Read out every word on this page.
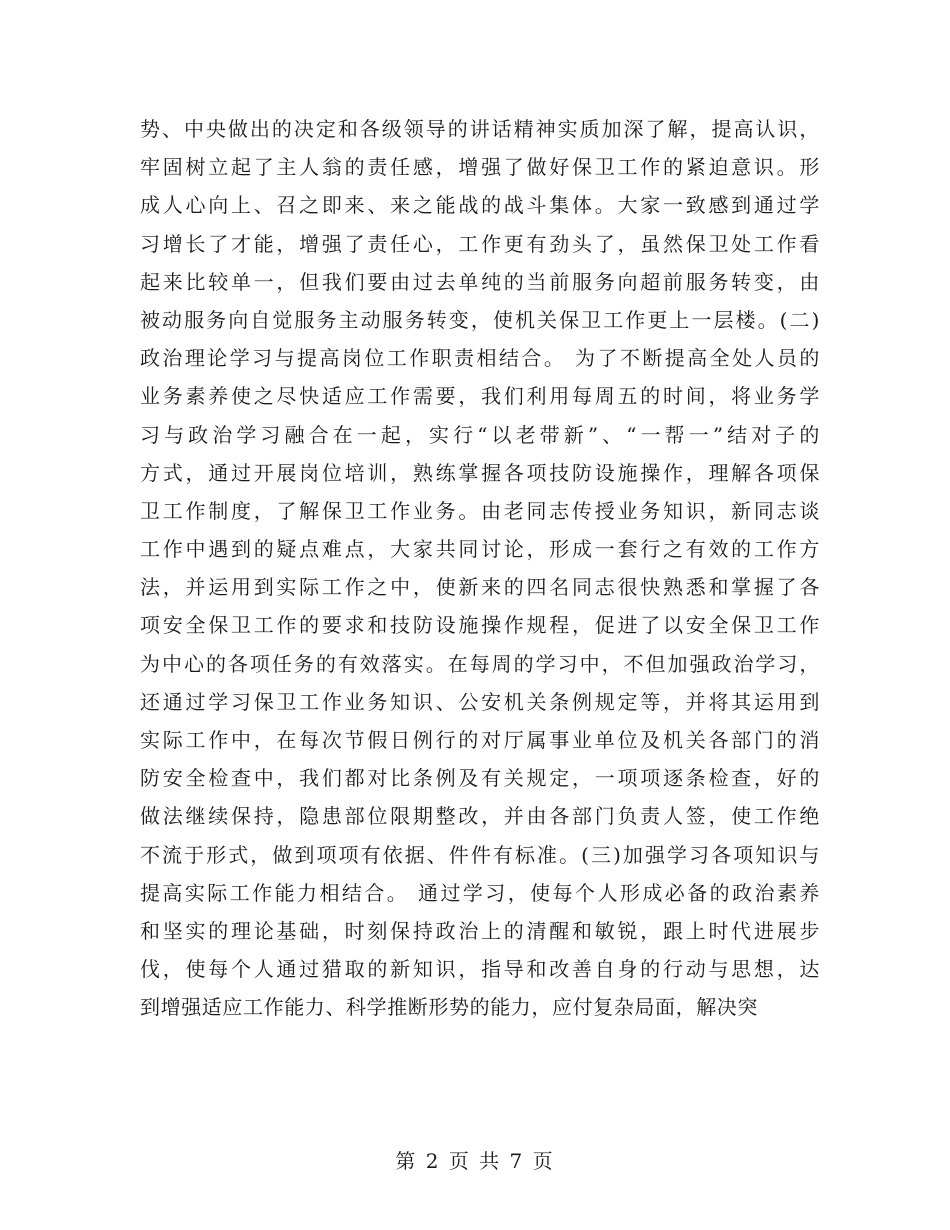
势、中央做出的决定和各级领导的讲话精神实质加深了解，提高认识，
牢固树立起了主人翁的责任感，增强了做好保卫工作的紧迫意识。形
成人心向上、召之即来、来之能战的战斗集体。大家一致感到通过学
习增长了才能，增强了责任心，工作更有劲头了，虽然保卫处工作看
起来比较单一，但我们要由过去单纯的当前服务向超前服务转变，由
被动服务向自觉服务主动服务转变，使机关保卫工作更上一层楼。(二)
政治理论学习与提高岗位工作职责相结合。 为了不断提高全处人员的
业务素养使之尽快适应工作需要，我们利用每周五的时间，将业务学
习与政治学习融合在一起，实行“以老带新”、“一帮一”结对子的
方式，通过开展岗位培训，熟练掌握各项技防设施操作，理解各项保
卫工作制度，了解保卫工作业务。由老同志传授业务知识，新同志谈
工作中遇到的疑点难点，大家共同讨论，形成一套行之有效的工作方
法，并运用到实际工作之中，使新来的四名同志很快熟悉和掌握了各
项安全保卫工作的要求和技防设施操作规程，促进了以安全保卫工作
为中心的各项任务的有效落实。在每周的学习中，不但加强政治学习，
还通过学习保卫工作业务知识、公安机关条例规定等，并将其运用到
实际工作中，在每次节假日例行的对厅属事业单位及机关各部门的消
防安全检查中，我们都对比条例及有关规定，一项项逐条检查，好的
做法继续保持，隐患部位限期整改，并由各部门负责人签，使工作绝
不流于形式，做到项项有依据、件件有标准。(三)加强学习各项知识与
提高实际工作能力相结合。 通过学习，使每个人形成必备的政治素养
和坚实的理论基础，时刻保持政治上的清醒和敏锐，跟上时代进展步
伐，使每个人通过猎取的新知识，指导和改善自身的行动与思想，达
到增强适应工作能力、科学推断形势的能力，应付复杂局面，解决突
第 2 页 共 7 页
